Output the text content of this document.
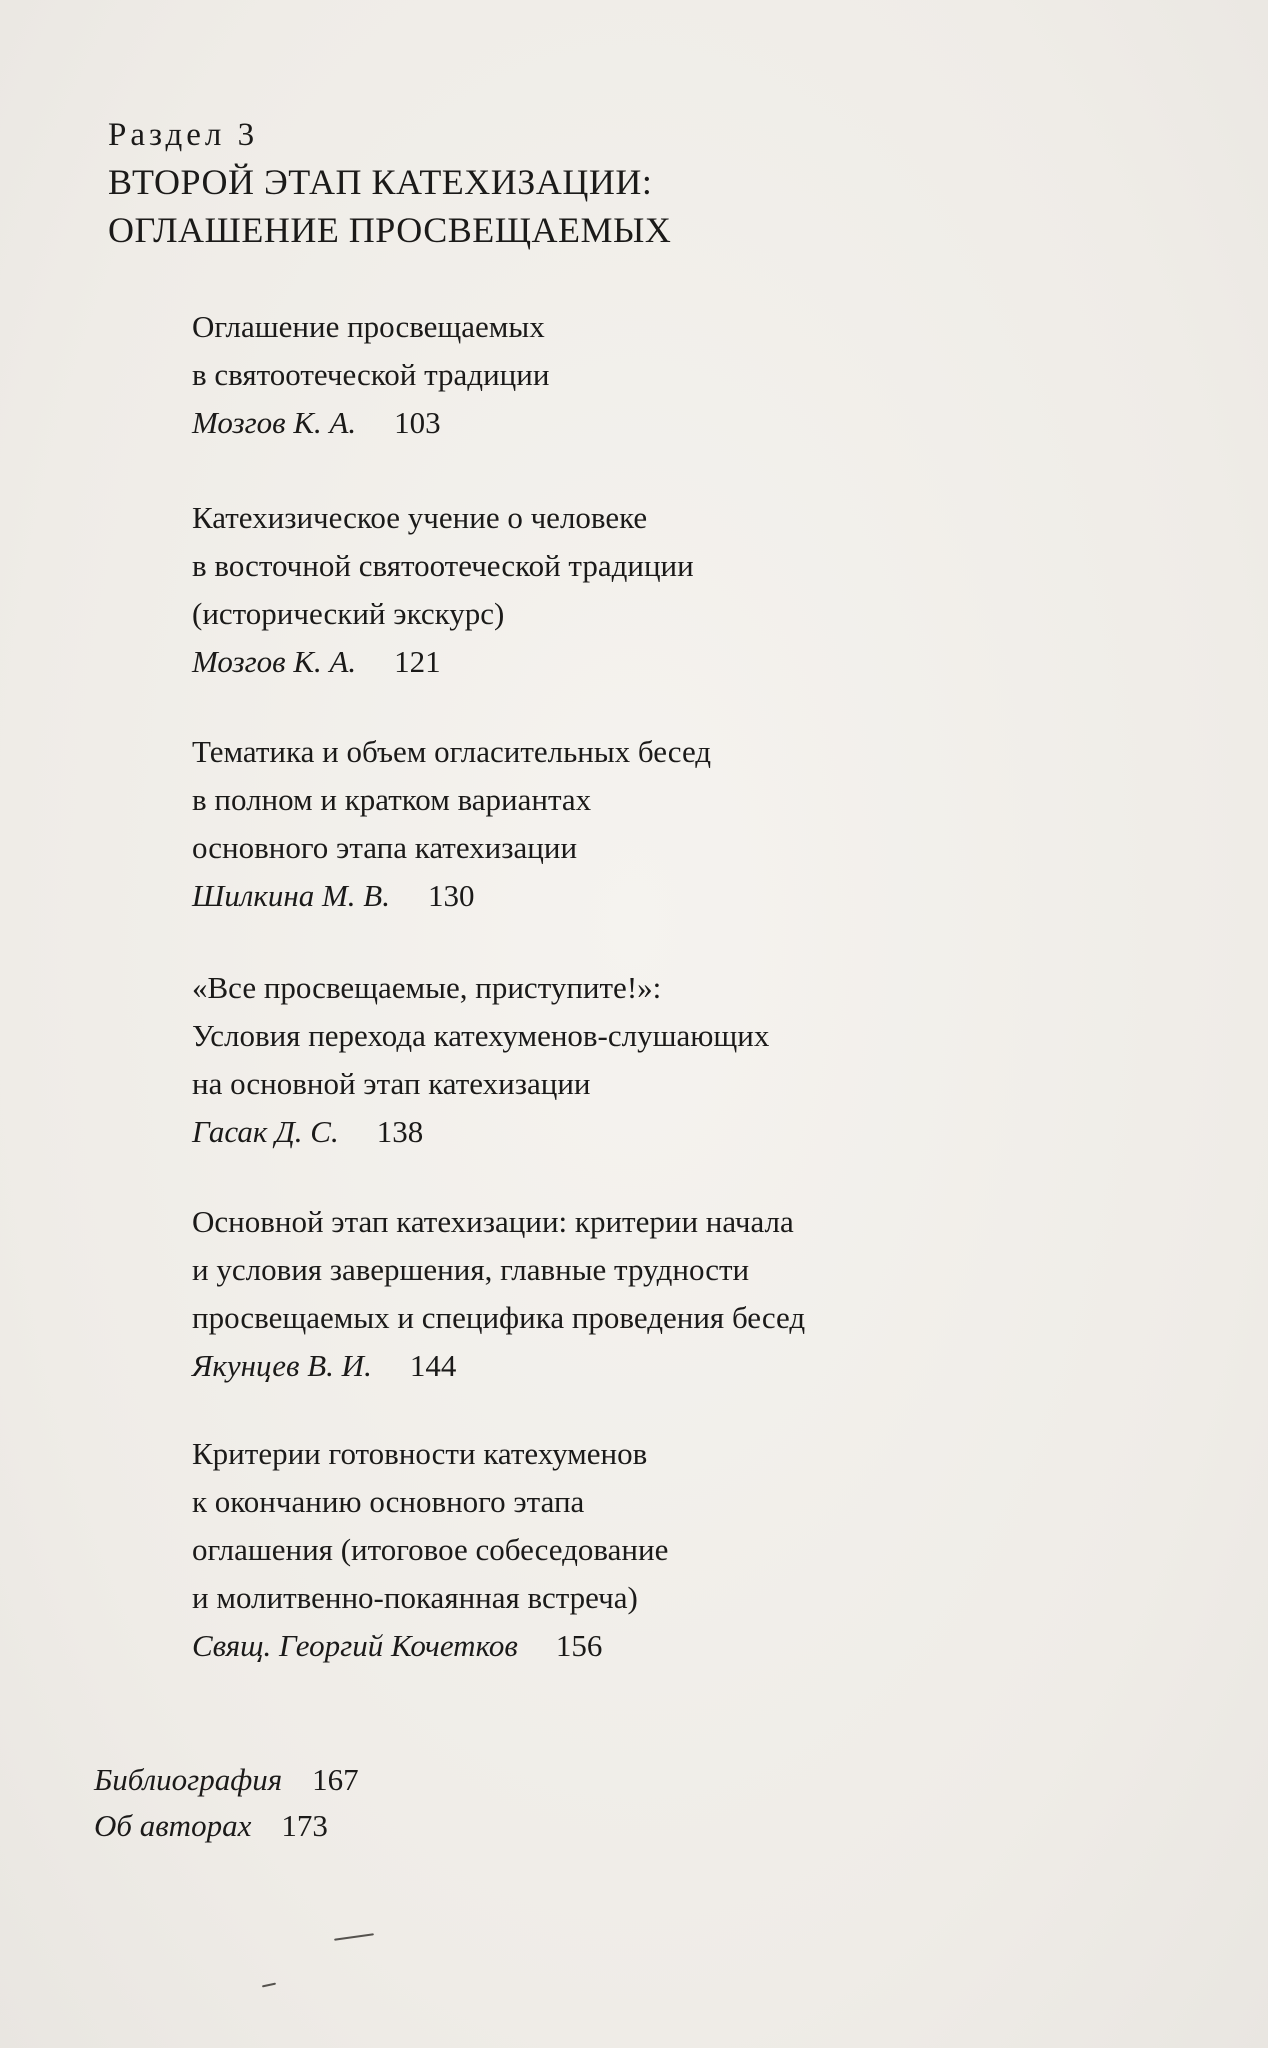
Раздел 3
ВТОРОЙ ЭТАП КАТЕХИЗАЦИИ:
ОГЛАШЕНИЕ ПРОСВЕЩАЕМЫХ
Оглашение просвещаемых
в святоотеческой традиции
Мозгов К. А. 103
Катехизическое учение о человеке
в восточной святоотеческой традиции
(исторический экскурс)
Мозгов К. А. 121
Тематика и объем огласительных бесед
в полном и кратком вариантах
основного этапа катехизации
Шилкина М. В. 130
«Все просвещаемые, приступите!»:
Условия перехода катехуменов-слушающих
на основной этап катехизации
Гасак Д. С. 138
Основной этап катехизации: критерии начала
и условия завершения, главные трудности
просвещаемых и специфика проведения бесед
Якунцев В. И. 144
Критерии готовности катехуменов
к окончанию основного этапа
оглашения (итоговое собеседование
и молитвенно-покаянная встреча)
Свящ. Георгий Кочетков 156
Библиография 167
Об авторах 173
